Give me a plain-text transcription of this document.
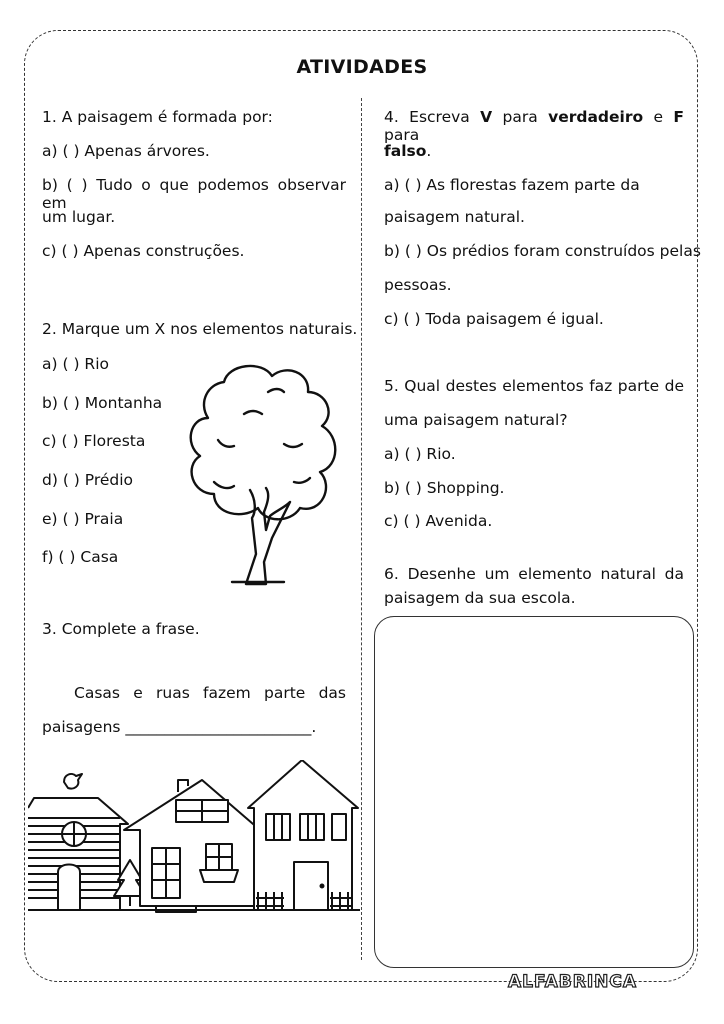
ATIVIDADES
1. A paisagem é formada por:
a) ( ) Apenas árvores.
b) ( ) Tudo o que podemos observar em
um lugar.
c) ( ) Apenas construções.
2. Marque um X nos elementos naturais.
a) ( ) Rio
b) ( ) Montanha
c) ( ) Floresta
d) ( ) Prédio
e) ( ) Praia
f) ( ) Casa
3. Complete a frase.
Casas e ruas fazem parte das
paisagens ________________________.
4. Escreva V para verdadeiro e F para
falso.
a) ( ) As florestas fazem parte da
paisagem natural.
b) ( ) Os prédios foram construídos pelas
pessoas.
c) ( ) Toda paisagem é igual.
5. Qual destes elementos faz parte de
uma paisagem natural?
a) ( ) Rio.
b) ( ) Shopping.
c) ( ) Avenida.
6. Desenhe um elemento natural da
paisagem da sua escola.
ALFABRINCA
